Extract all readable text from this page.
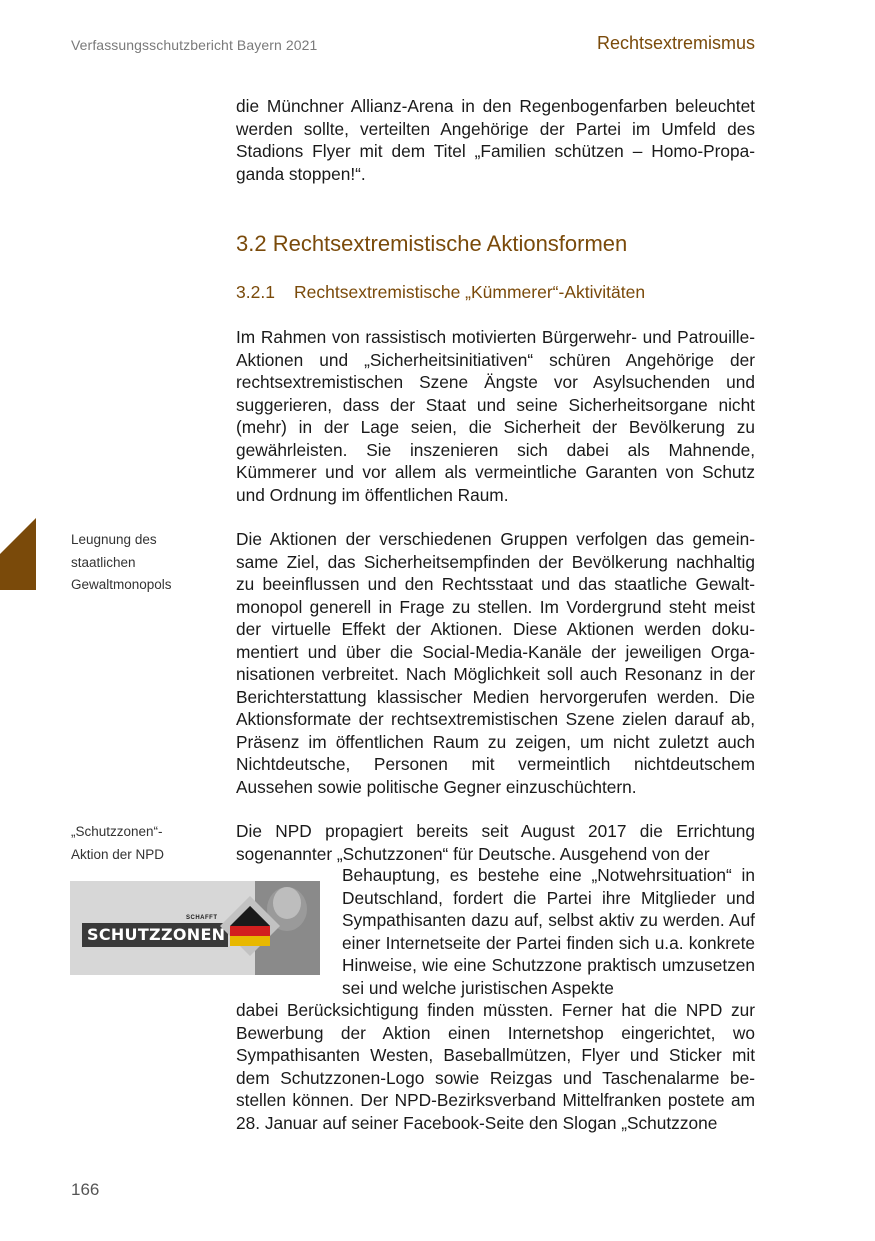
Verfassungsschutzbericht Bayern 2021	Rechtsextremismus

die Münchner Allianz-Arena in den Regenbogenfarben beleuchtet werden sollte, verteilten Angehörige der Partei im Umfeld des Stadions Flyer mit dem Titel „Familien schützen – Homo-Propaganda stoppen!“.

3.2 Rechtsextremistische Aktionsformen
3.2.1 Rechtsextremistische „Kümmerer“-Aktivitäten

Im Rahmen von rassistisch motivierten Bürgerwehr- und Patrouille-Aktionen und „Sicherheitsinitiativen“ schüren Angehörige der rechtsextremistischen Szene Ängste vor Asylsuchenden und suggerieren, dass der Staat und seine Sicherheitsorgane nicht (mehr) in der Lage seien, die Sicherheit der Bevölkerung zu gewährleisten. Sie inszenieren sich dabei als Mahnende, Kümmerer und vor allem als vermeintliche Garanten von Schutz und Ordnung im öffentlichen Raum.

Leugnung des
staatlichen
Gewaltmonopols

Die Aktionen der verschiedenen Gruppen verfolgen das gemeinsame Ziel, das Sicherheitsempfinden der Bevölkerung nachhaltig zu beeinflussen und den Rechtsstaat und das staatliche Gewaltmonopol generell in Frage zu stellen. Im Vordergrund steht meist der virtuelle Effekt der Aktionen. Diese Aktionen werden dokumentiert und über die Social-Media-Kanäle der jeweiligen Organisationen verbreitet. Nach Möglichkeit soll auch Resonanz in der Berichterstattung klassischer Medien hervorgerufen werden. Die Aktionsformate der rechtsextremistischen Szene zielen darauf ab, Präsenz im öffentlichen Raum zu zeigen, um nicht zuletzt auch Nichtdeutsche, Personen mit vermeintlich nichtdeutschem Aussehen sowie politische Gegner einzuschüchtern.

„Schutzzonen“-
Aktion der NPD

Die NPD propagiert bereits seit August 2017 die Errichtung sogenannter „Schutzzonen“ für Deutsche. Ausgehend von der

SCHAFFT
SCHUTZZONEN

Behauptung, es bestehe eine „Notwehrsituation“ in Deutschland, fordert die Partei ihre Mitglieder und Sympathisanten dazu auf, selbst aktiv zu werden. Auf einer Internetseite der Partei finden sich u.a. konkrete Hinweise, wie eine Schutzzone praktisch umzusetzen sei und welche juristischen Aspekte

dabei Berücksichtigung finden müssten. Ferner hat die NPD zur Bewerbung der Aktion einen Internetshop eingerichtet, wo Sympathisanten Westen, Baseballmützen, Flyer und Sticker mit dem Schutzzonen-Logo sowie Reizgas und Taschenalarme bestellen können. Der NPD-Bezirksverband Mittelfranken postete am 28. Januar auf seiner Facebook-Seite den Slogan „Schutzzone

166
